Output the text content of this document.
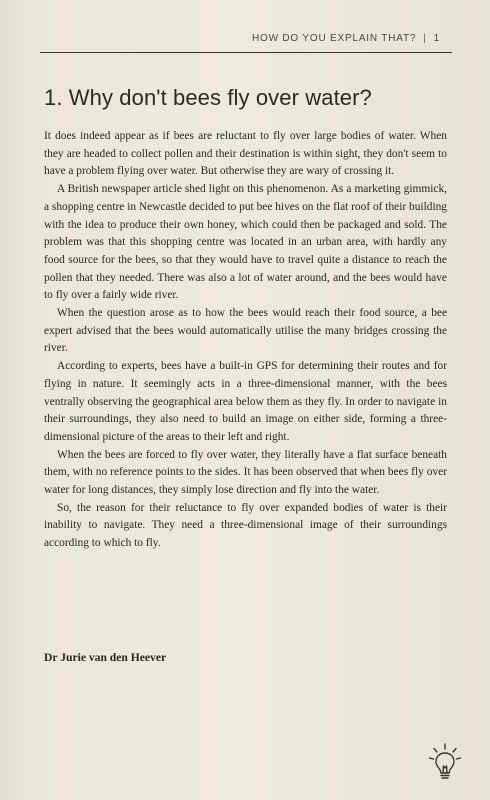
HOW DO YOU EXPLAIN THAT? | 1
1. Why don't bees fly over water?

It does indeed appear as if bees are reluctant to fly over large bodies of water. When they are headed to collect pollen and their destination is within sight, they don't seem to have a problem flying over water. But otherwise they are wary of crossing it.

A British newspaper article shed light on this phenomenon. As a marketing gimmick, a shopping centre in Newcastle decided to put bee hives on the flat roof of their building with the idea to produce their own honey, which could then be packaged and sold. The problem was that this shopping centre was located in an urban area, with hardly any food source for the bees, so that they would have to travel quite a distance to reach the pollen that they needed. There was also a lot of water around, and the bees would have to fly over a fairly wide river.

When the question arose as to how the bees would reach their food source, a bee expert advised that the bees would automatically utilise the many bridges crossing the river.

According to experts, bees have a built-in GPS for determining their routes and for flying in nature. It seemingly acts in a three-dimensional manner, with the bees ventrally observing the geographical area below them as they fly. In order to navigate in their surroundings, they also need to build an image on either side, forming a three-dimensional picture of the areas to their left and right.

When the bees are forced to fly over water, they literally have a flat surface beneath them, with no reference points to the sides. It has been observed that when bees fly over water for long distances, they simply lose direction and fly into the water.

So, the reason for their reluctance to fly over expanded bodies of water is their inability to navigate. They need a three-dimensional image of their surroundings according to which to fly.

Dr Jurie van den Heever
